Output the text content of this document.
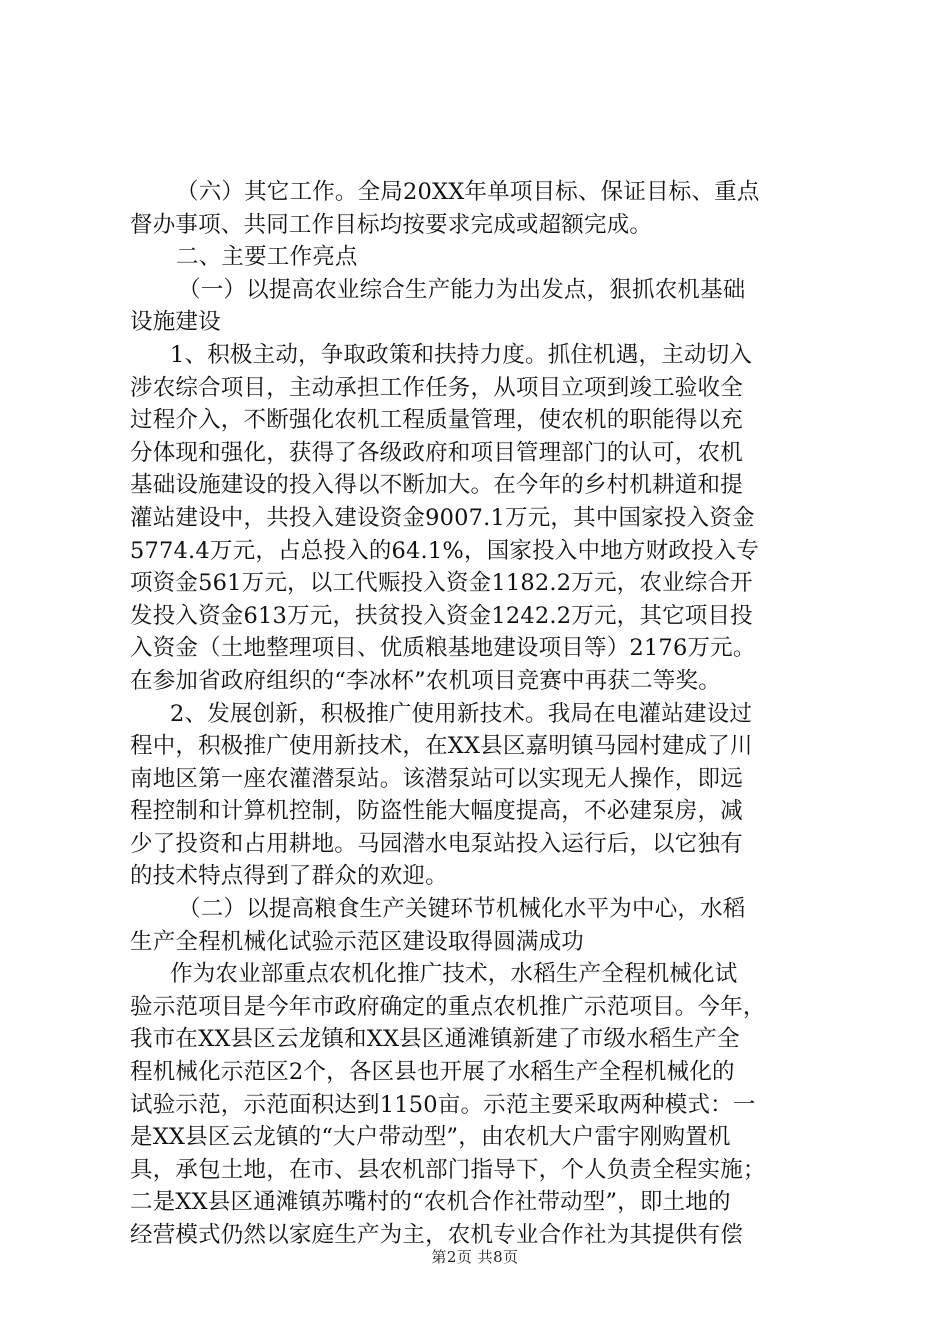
（六）其它工作。全局20XX年单项目标、保证目标、重点
督办事项、共同工作目标均按要求完成或超额完成。
二、主要工作亮点
（一）以提高农业综合生产能力为出发点，狠抓农机基础
设施建设
1、积极主动，争取政策和扶持力度。抓住机遇，主动切入
涉农综合项目，主动承担工作任务，从项目立项到竣工验收全
过程介入，不断强化农机工程质量管理，使农机的职能得以充
分体现和强化，获得了各级政府和项目管理部门的认可，农机
基础设施建设的投入得以不断加大。在今年的乡村机耕道和提
灌站建设中，共投入建设资金9007.1万元，其中国家投入资金
5774.4万元，占总投入的64.1%，国家投入中地方财政投入专
项资金561万元，以工代赈投入资金1182.2万元，农业综合开
发投入资金613万元，扶贫投入资金1242.2万元，其它项目投
入资金（土地整理项目、优质粮基地建设项目等）2176万元。
在参加省政府组织的“李冰杯”农机项目竞赛中再获二等奖。
2、发展创新，积极推广使用新技术。我局在电灌站建设过
程中，积极推广使用新技术，在XX县区嘉明镇马园村建成了川
南地区第一座农灌潜泵站。该潜泵站可以实现无人操作，即远
程控制和计算机控制，防盗性能大幅度提高，不必建泵房，减
少了投资和占用耕地。马园潜水电泵站投入运行后，以它独有
的技术特点得到了群众的欢迎。
（二）以提高粮食生产关键环节机械化水平为中心，水稻
生产全程机械化试验示范区建设取得圆满成功
作为农业部重点农机化推广技术，水稻生产全程机械化试
验示范项目是今年市政府确定的重点农机推广示范项目。今年，
我市在XX县区云龙镇和XX县区通滩镇新建了市级水稻生产全
程机械化示范区2个，各区县也开展了水稻生产全程机械化的
试验示范，示范面积达到1150亩。示范主要采取两种模式：一
是XX县区云龙镇的“大户带动型”，由农机大户雷宇刚购置机
具，承包土地，在市、县农机部门指导下，个人负责全程实施；
二是XX县区通滩镇苏嘴村的“农机合作社带动型”，即土地的
经营模式仍然以家庭生产为主，农机专业合作社为其提供有偿
第2页 共8页
